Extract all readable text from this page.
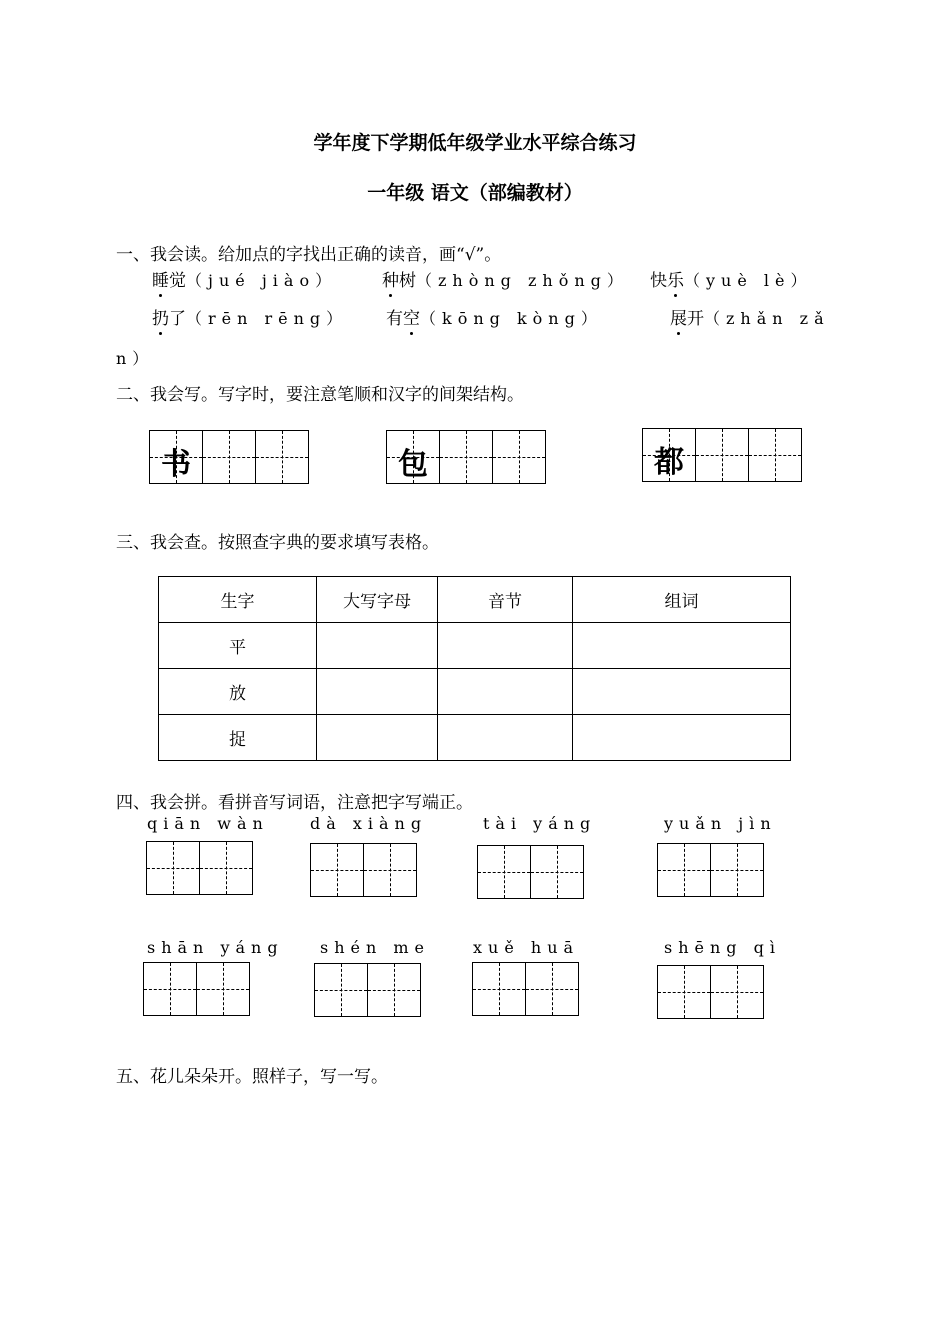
学年度下学期低年级学业水平综合练习
一年级 语文（部编教材）
一、我会读。给加点的字找出正确的读音，画“√”。
睡觉（jué jiào）	种树（zhòng zhǒng） 快乐（yuè lè）
扔了（rēn rēng） 有空（kōng kòng）	展开（zhǎn zǎ
n）
二、我会写。写字时，要注意笔顺和汉字的间架结构。
书	包	都
三、我会查。按照查字典的要求填写表格。
生字	大写字母	音节	组词
平			
放			
捉			
四、我会拼。看拼音写词语，注意把字写端正。
qiān wàn	dà xiàng	tài yáng	yuǎn jìn
shān yáng shén me	xuě huā	shēng qì
五、花儿朵朵开。照样子，写一写。
